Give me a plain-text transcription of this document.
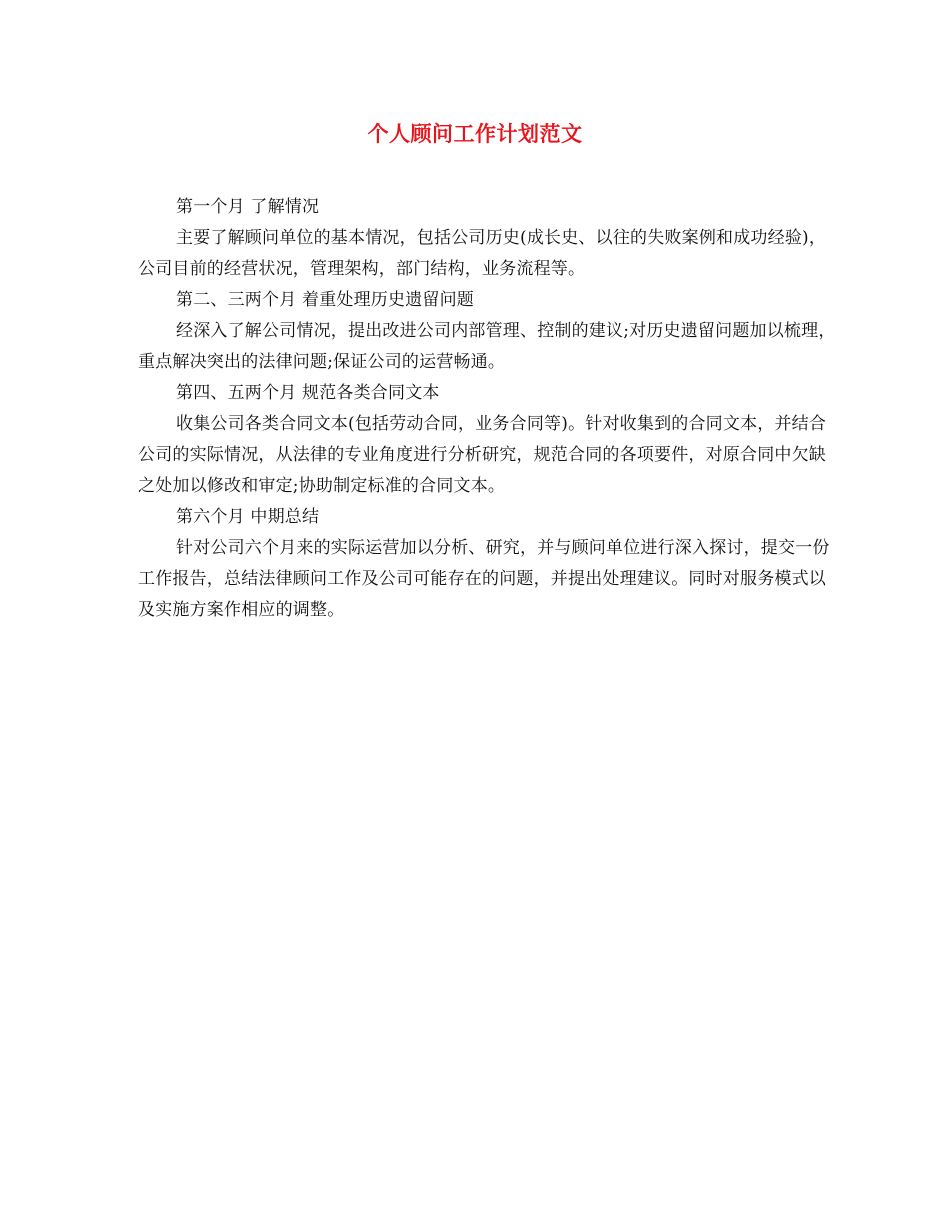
个人顾问工作计划范文

第一个月 了解情况

主要了解顾问单位的基本情况，包括公司历史(成长史、以往的失败案例和成功经验)，公司目前的经营状况，管理架构，部门结构，业务流程等。

第二、三两个月 着重处理历史遗留问题

经深入了解公司情况，提出改进公司内部管理、控制的建议;对历史遗留问题加以梳理，重点解决突出的法律问题;保证公司的运营畅通。

第四、五两个月 规范各类合同文本

收集公司各类合同文本(包括劳动合同，业务合同等)。针对收集到的合同文本，并结合公司的实际情况，从法律的专业角度进行分析研究，规范合同的各项要件，对原合同中欠缺之处加以修改和审定;协助制定标准的合同文本。

第六个月 中期总结

针对公司六个月来的实际运营加以分析、研究，并与顾问单位进行深入探讨，提交一份工作报告，总结法律顾问工作及公司可能存在的问题，并提出处理建议。同时对服务模式以及实施方案作相应的调整。
